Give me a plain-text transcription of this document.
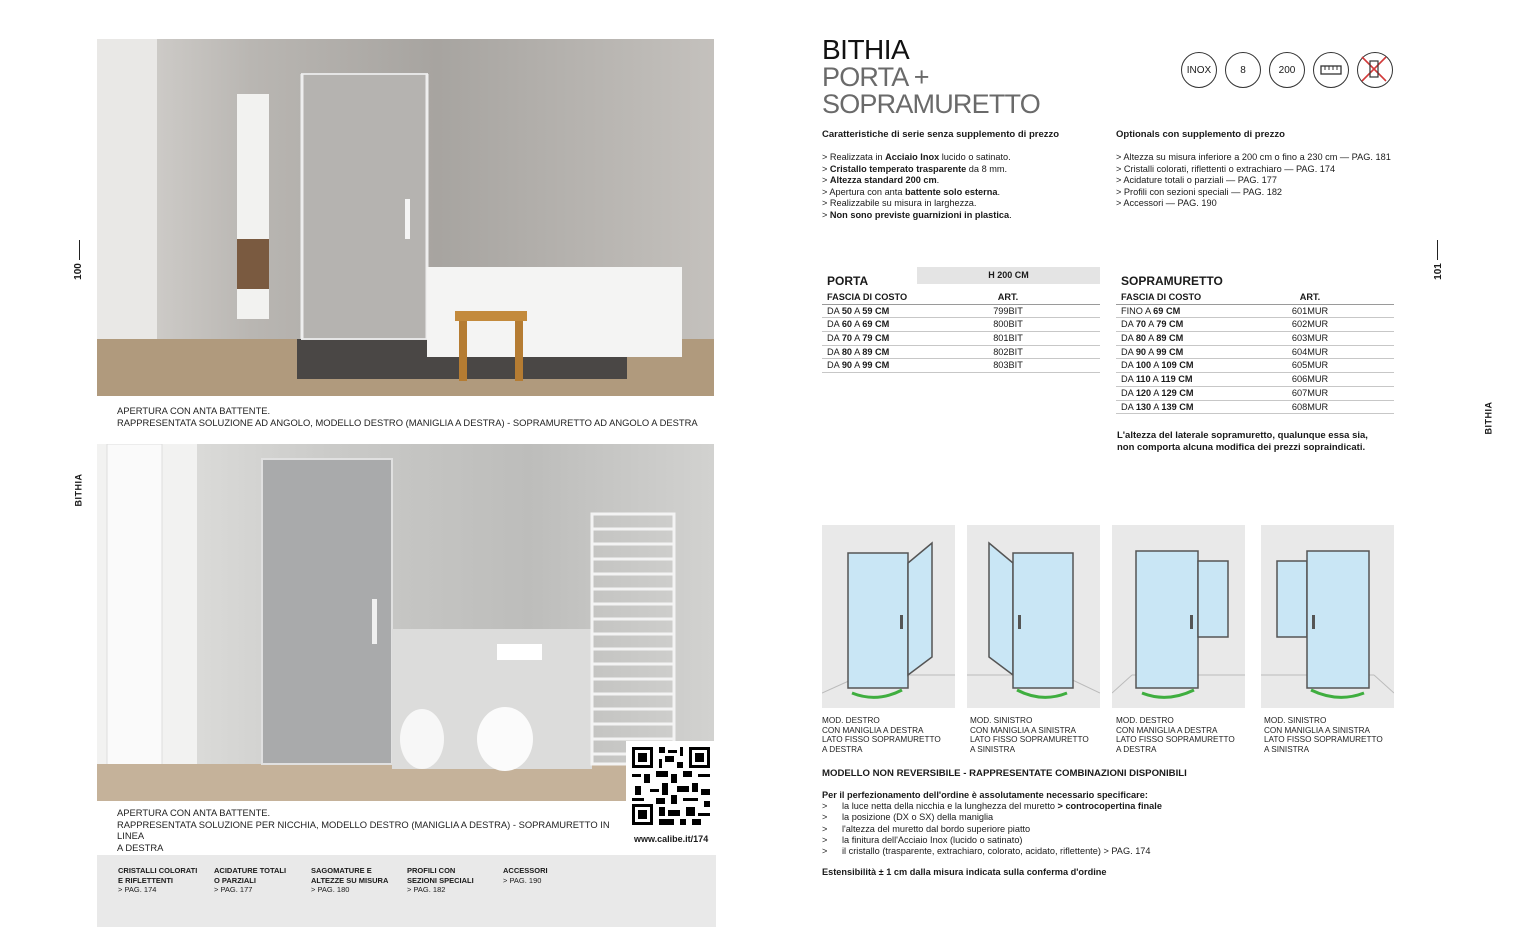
100
BITHIA
APERTURA CON ANTA BATTENTE.
RAPPRESENTATA SOLUZIONE AD ANGOLO, MODELLO DESTRO (MANIGLIA A DESTRA) - SOPRAMURETTO AD ANGOLO A DESTRA
APERTURA CON ANTA BATTENTE.
RAPPRESENTATA SOLUZIONE PER NICCHIA, MODELLO DESTRO (MANIGLIA A DESTRA) - SOPRAMURETTO IN LINEA
A DESTRA
www.calibe.it/174
CRISTALLI COLORATI
E RIFLETTENTI
> PAG. 174
ACIDATURE TOTALI
O PARZIALI
> PAG. 177
SAGOMATURE E
ALTEZZE SU MISURA
> PAG. 180
PROFILI CON
SEZIONI SPECIALI
> PAG. 182
ACCESSORI
> PAG. 190
101
BITHIA
BITHIA
PORTA +
SOPRAMURETTO
INOX	8	200
Caratteristiche di serie senza supplemento di prezzo
> Realizzata in Acciaio Inox lucido o satinato.
> Cristallo temperato trasparente da 8 mm.
> Altezza standard 200 cm.
> Apertura con anta battente solo esterna.
> Realizzabile su misura in larghezza.
> Non sono previste guarnizioni in plastica.
Optionals con supplemento di prezzo
> Altezza su misura inferiore a 200 cm o fino a 230 cm — PAG. 181
> Cristalli colorati, riflettenti o extrachiaro — PAG. 174
> Acidature totali o parziali — PAG. 177
> Profili con sezioni speciali — PAG. 182
> Accessori — PAG. 190
PORTA	H 200 CM
FASCIA DI COSTO	ART.
DA 50 A 59 CM	799BIT
DA 60 A 69 CM	800BIT
DA 70 A 79 CM	801BIT
DA 80 A 89 CM	802BIT
DA 90 A 99 CM	803BIT
SOPRAMURETTO
FASCIA DI COSTO	ART.
FINO A 69 CM	601MUR
DA 70 A 79 CM	602MUR
DA 80 A 89 CM	603MUR
DA 90 A 99 CM	604MUR
DA 100 A 109 CM	605MUR
DA 110 A 119 CM	606MUR
DA 120 A 129 CM	607MUR
DA 130 A 139 CM	608MUR
L'altezza del laterale sopramuretto, qualunque essa sia,
non comporta alcuna modifica dei prezzi sopraindicati.
MOD. DESTRO
CON MANIGLIA A DESTRA
LATO FISSO SOPRAMURETTO
A DESTRA
MOD. SINISTRO
CON MANIGLIA A SINISTRA
LATO FISSO SOPRAMURETTO
A SINISTRA
MOD. DESTRO
CON MANIGLIA A DESTRA
LATO FISSO SOPRAMURETTO
A DESTRA
MOD. SINISTRO
CON MANIGLIA A SINISTRA
LATO FISSO SOPRAMURETTO
A SINISTRA
MODELLO NON REVERSIBILE - RAPPRESENTATE COMBINAZIONI DISPONIBILI
Per il perfezionamento dell'ordine è assolutamente necessario specificare:
>	la luce netta della nicchia e la lunghezza del muretto > controcopertina finale
>	la posizione (DX o SX) della maniglia
>	l'altezza del muretto dal bordo superiore piatto
>	la finitura dell'Acciaio Inox (lucido o satinato)
>	il cristallo (trasparente, extrachiaro, colorato, acidato, riflettente) > PAG. 174
Estensibilità ± 1 cm dalla misura indicata sulla conferma d'ordine
